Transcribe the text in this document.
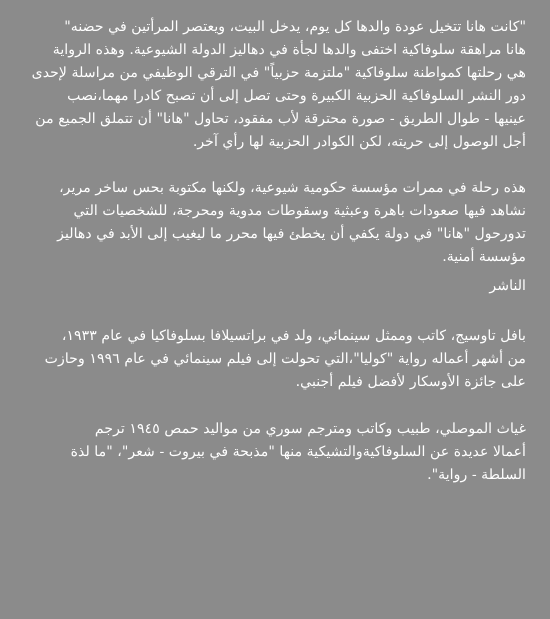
"كانت هانا تتخيل عودة والدها كل يوم، يدخل البيت، ويعتصر المرأتين في حضنه"
هانا مراهقة سلوفاكية اختفى والدها لجأة في دهاليز الدولة الشيوعية. وهذه الرواية
هي رحلتها كمواطنة سلوفاكية "ملتزمة حزبياً" في الترقي الوظيفي من مراسلة لإحدى
دور النشر السلوفاكية الحزبية الكبيرة وحتى تصل إلى أن تصبح كادرا مهما،نصب
عينيها - طوال الطريق - صورة محترقة لأب مفقود، تحاول "هانا" أن تتملق الجميع من
أجل الوصول إلى حريته، لكن الكوادر الحزبية لها رأي آخر.

هذه رحلة في ممرات مؤسسة حكومية شيوعية، ولكنها مكتوبة بحس ساخر مرير،
نشاهد فيها صعودات باهرة وعبثية وسقوطات مدوية ومحرجة، للشخصيات التي
تدورحول "هانا" في دولة يكفي أن يخطئ فيها محرر ما ليغيب إلى الأبد في دهاليز
مؤسسة أمنية.

الناشر

بافل تاوسيج، كاتب وممثل سينمائي، ولد في براتسيلافا بسلوفاكيا في عام ١٩٣٣،
من أشهر أعماله رواية "كوليا"،التي تحولت إلى فيلم سينمائي في عام ١٩٩٦ وحازت
على جائزة الأوسكار لأفضل فيلم أجنبي.

غياث الموصلي، طبيب وكاتب ومترجم سوري من مواليد حمص ١٩٤٥ ترجم
أعمالا عديدة عن السلوفاكيةوالتشيكية منها "مذبحة في بيروت - شعر"، "ما لذة
السلطة - رواية".
